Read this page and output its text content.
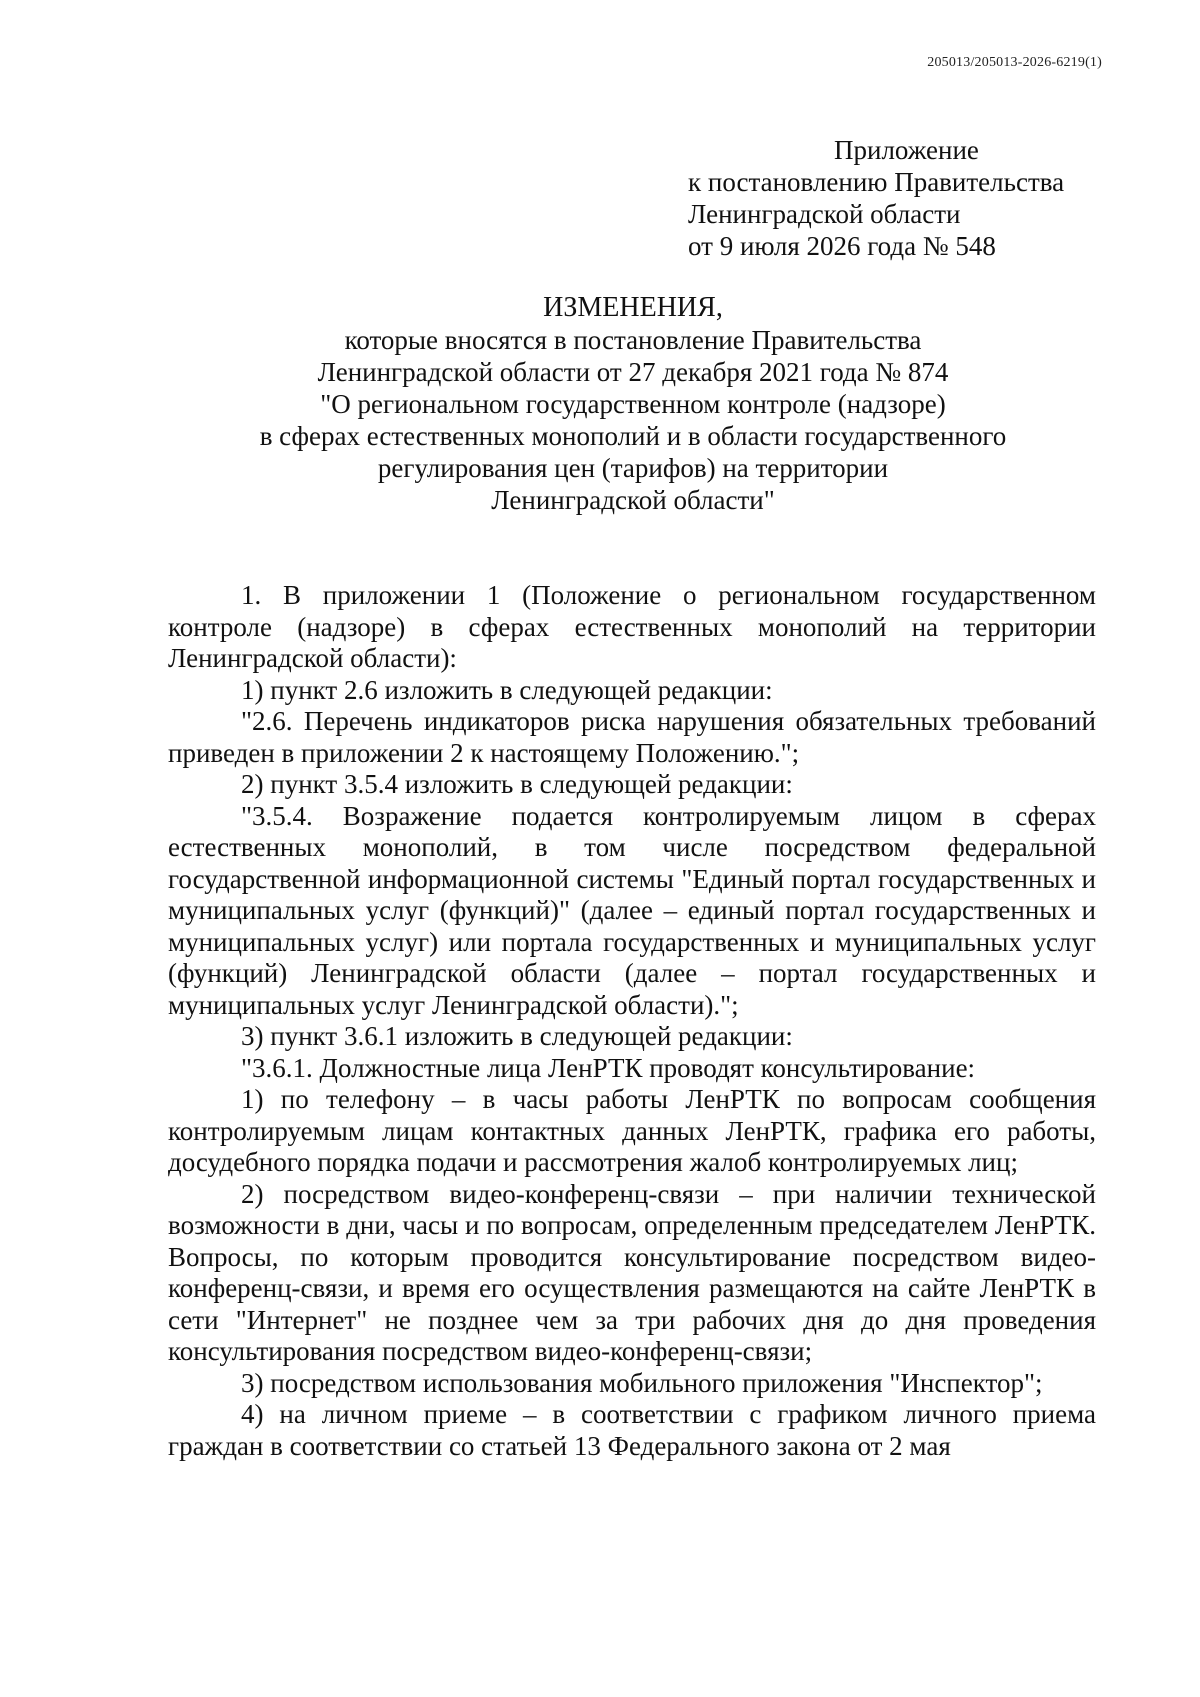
205013/205013-2026-6219(1)
Приложение
к постановлению Правительства
Ленинградской области
от 9 июля 2026 года № 548
ИЗМЕНЕНИЯ,
которые вносятся в постановление Правительства
Ленинградской области от 27 декабря 2021 года № 874
"О региональном государственном контроле (надзоре)
в сферах естественных монополий и в области государственного
регулирования цен (тарифов) на территории
Ленинградской области"

1. В приложении 1 (Положение о региональном государственном контроле (надзоре) в сферах естественных монополий на территории Ленинградской области):

1) пункт 2.6 изложить в следующей редакции:

"2.6. Перечень индикаторов риска нарушения обязательных требований приведен в приложении 2 к настоящему Положению.";

2) пункт 3.5.4 изложить в следующей редакции:

"3.5.4. Возражение подается контролируемым лицом в сферах естественных монополий, в том числе посредством федеральной государственной информационной системы "Единый портал государственных и муниципальных услуг (функций)" (далее – единый портал государственных и муниципальных услуг) или портала государственных и муниципальных услуг (функций) Ленинградской области (далее – портал государственных и муниципальных услуг Ленинградской области).";

3) пункт 3.6.1 изложить в следующей редакции:

"3.6.1. Должностные лица ЛенРТК проводят консультирование:

1) по телефону – в часы работы ЛенРТК по вопросам сообщения контролируемым лицам контактных данных ЛенРТК, графика его работы, досудебного порядка подачи и рассмотрения жалоб контролируемых лиц;

2) посредством видео-конференц-связи – при наличии технической возможности в дни, часы и по вопросам, определенным председателем ЛенРТК. Вопросы, по которым проводится консультирование посредством видео-конференц-связи, и время его осуществления размещаются на сайте ЛенРТК в сети "Интернет" не позднее чем за три рабочих дня до дня проведения консультирования посредством видео-конференц-связи;

3) посредством использования мобильного приложения "Инспектор";

4) на личном приеме – в соответствии с графиком личного приема граждан в соответствии со статьей 13 Федерального закона от 2 мая
